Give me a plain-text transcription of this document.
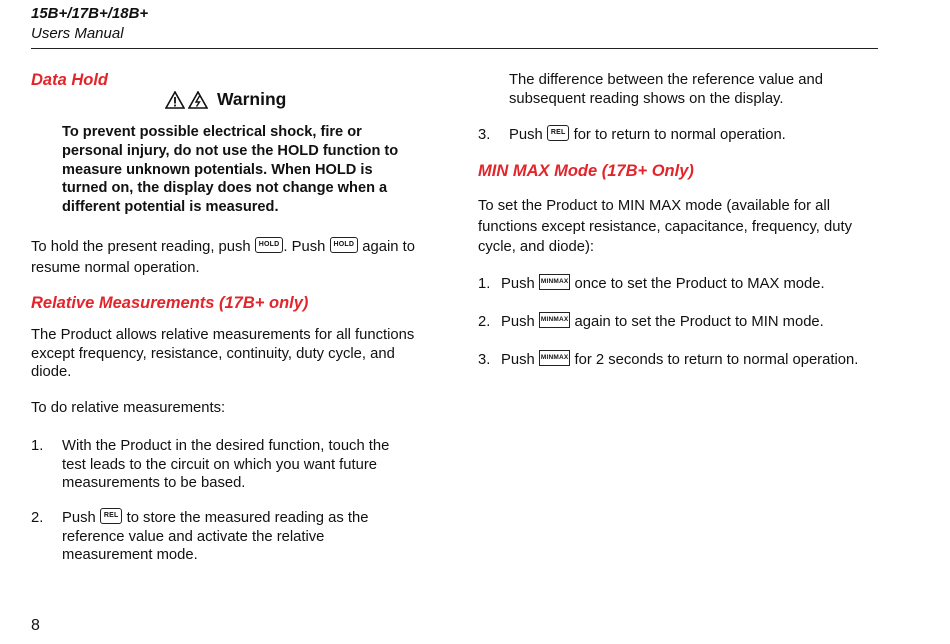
15B+/17B+/18B+
Users Manual
Data Hold
Warning
To prevent possible electrical shock, fire or personal injury, do not use the HOLD function to measure unknown potentials. When HOLD is turned on, the display does not change when a different potential is measured.
To hold the present reading, push HOLD . Push HOLD again to resume normal operation.
Relative Measurements (17B+ only)
The Product allows relative measurements for all functions except frequency, resistance, continuity, duty cycle, and diode.
To do relative measurements:
1. With the Product in the desired function, touch the test leads to the circuit on which you want future measurements to be based.
2. Push REL to store the measured reading as the reference value and activate the relative measurement mode.
The difference between the reference value and subsequent reading shows on the display.
3. Push REL for to return to normal operation.
MIN MAX Mode (17B+ Only)
To set the Product to MIN MAX mode (available for all functions except resistance, capacitance, frequency, duty cycle, and diode):
1. Push MINMAX once to set the Product to MAX mode.
2. Push MINMAX again to set the Product to MIN mode.
3. Push MINMAX for 2 seconds to return to normal operation.
8
